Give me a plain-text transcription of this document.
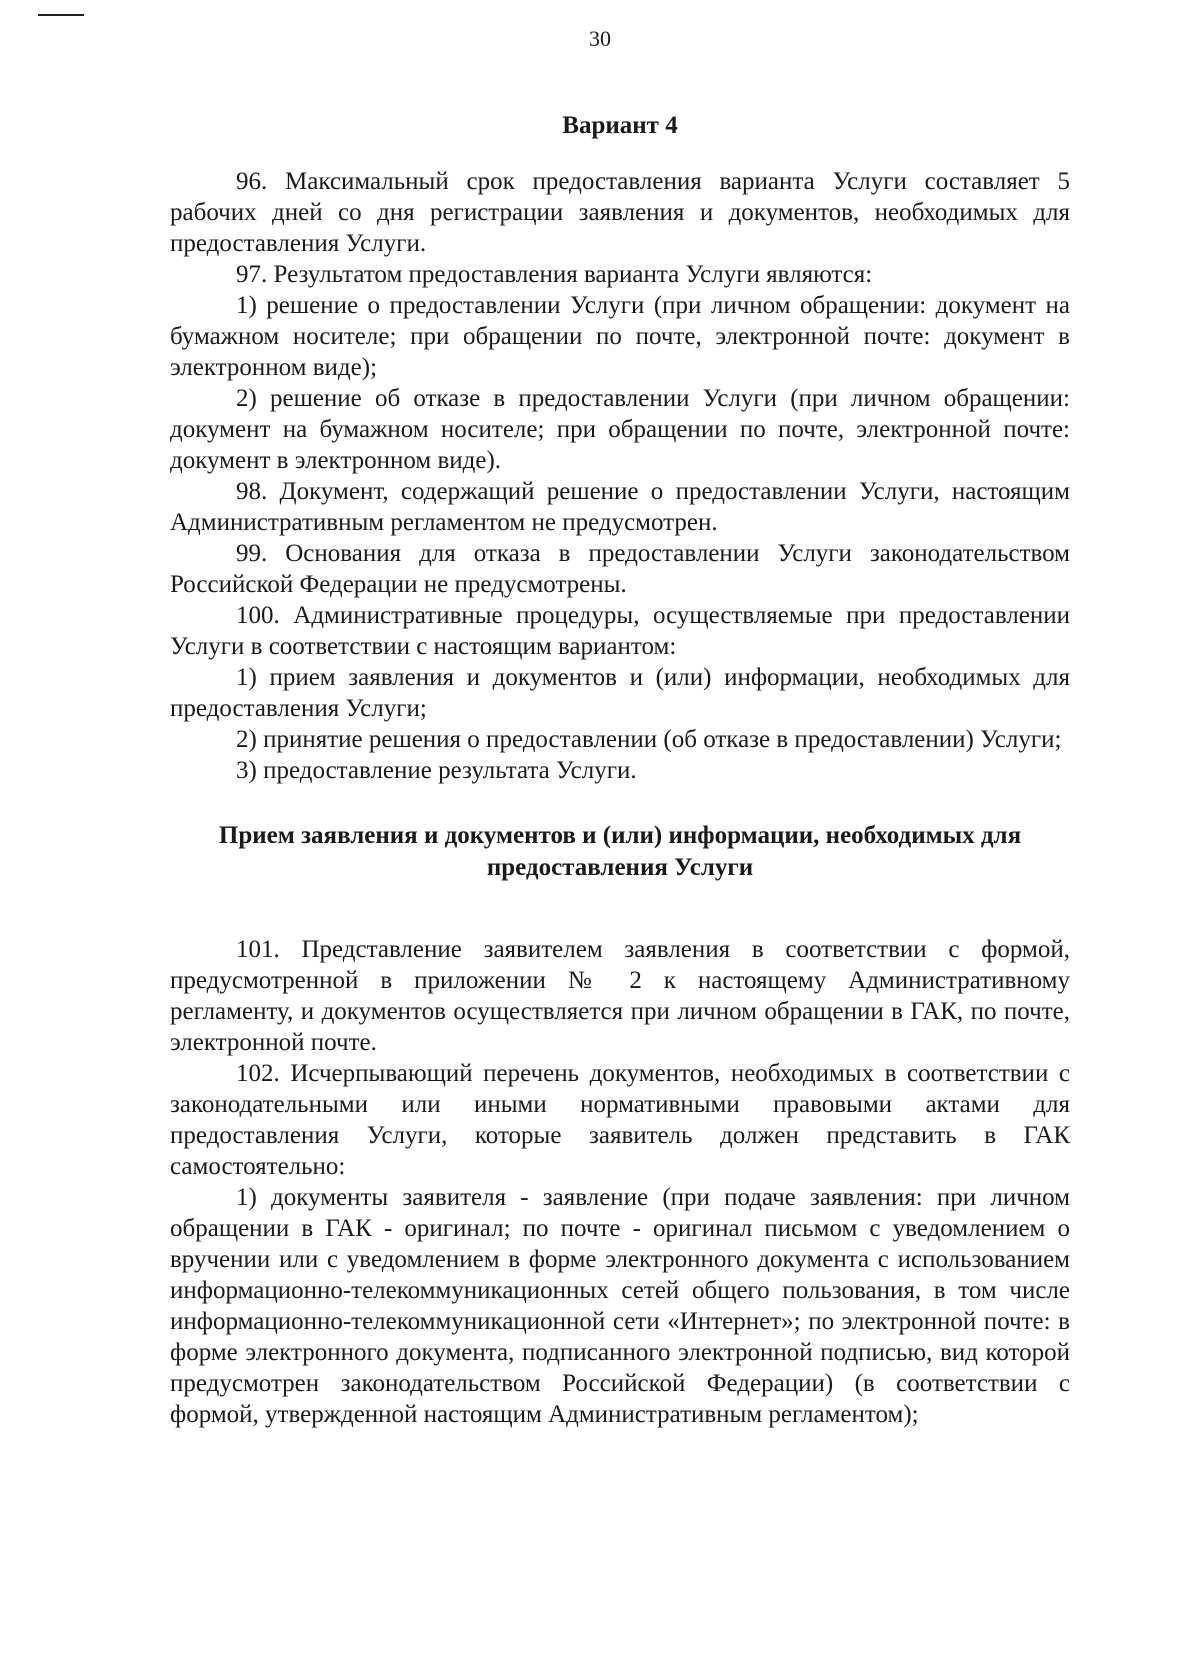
30
Вариант 4

96. Максимальный срок предоставления варианта Услуги составляет 5 рабочих дней со дня регистрации заявления и документов, необходимых для предоставления Услуги.

97. Результатом предоставления варианта Услуги являются:

1) решение о предоставлении Услуги (при личном обращении: документ на бумажном носителе; при обращении по почте, электронной почте: документ в электронном виде);

2) решение об отказе в предоставлении Услуги (при личном обращении: документ на бумажном носителе; при обращении по почте, электронной почте: документ в электронном виде).

98. Документ, содержащий решение о предоставлении Услуги, настоящим Административным регламентом не предусмотрен.

99. Основания для отказа в предоставлении Услуги законодательством Российской Федерации не предусмотрены.

100. Административные процедуры, осуществляемые при предоставлении Услуги в соответствии с настоящим вариантом:

1) прием заявления и документов и (или) информации, необходимых для предоставления Услуги;

2) принятие решения о предоставлении (об отказе в предоставлении) Услуги;

3) предоставление результата Услуги.

Прием заявления и документов и (или) информации, необходимых для предоставления Услуги

101. Представление заявителем заявления в соответствии с формой, предусмотренной в приложении № 2 к настоящему Административному регламенту, и документов осуществляется при личном обращении в ГАК, по почте, электронной почте.

102. Исчерпывающий перечень документов, необходимых в соответствии с законодательными или иными нормативными правовыми актами для предоставления Услуги, которые заявитель должен представить в ГАК самостоятельно:

1) документы заявителя - заявление (при подаче заявления: при личном обращении в ГАК - оригинал; по почте - оригинал письмом с уведомлением о вручении или с уведомлением в форме электронного документа с использованием информационно-телекоммуникационных сетей общего пользования, в том числе информационно-телекоммуникационной сети «Интернет»; по электронной почте: в форме электронного документа, подписанного электронной подписью, вид которой предусмотрен законодательством Российской Федерации) (в соответствии с формой, утвержденной настоящим Административным регламентом);
